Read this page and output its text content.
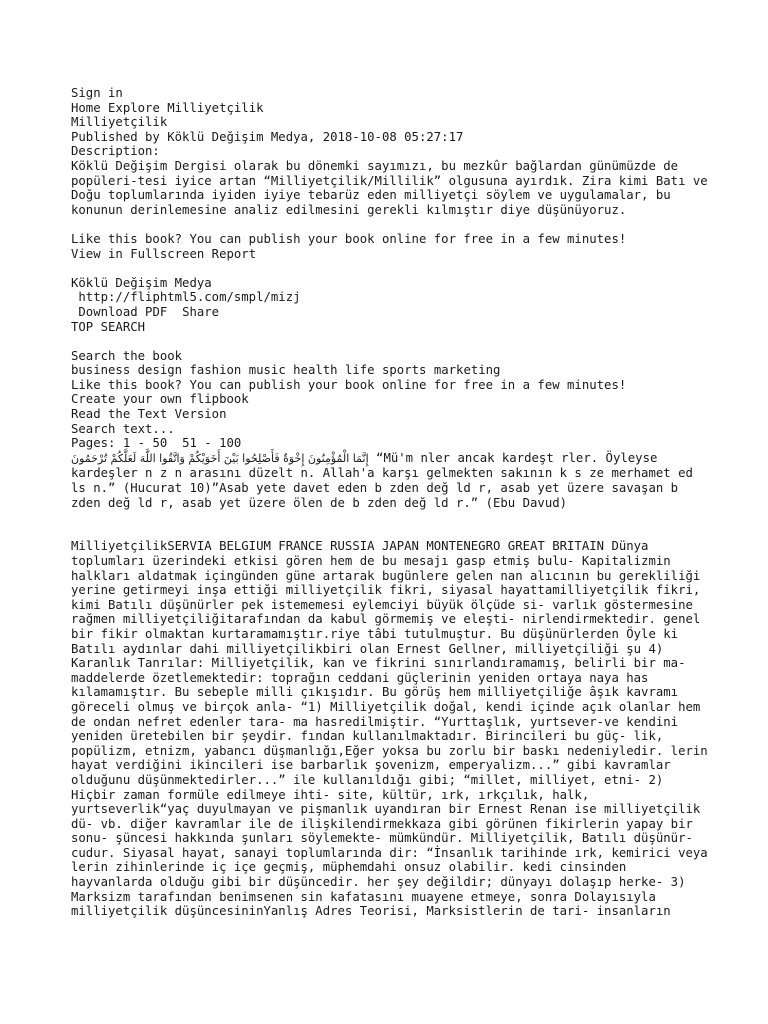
Sign in
Home Explore Milliyetçilik
Milliyetçilik
Published by Köklü Değişim Medya, 2018-10-08 05:27:17
Description:
Köklü Değişim Dergisi olarak bu dönemki sayımızı, bu mezkûr bağlardan günümüzde de popüleri-tesi iyice artan “Milliyetçilik/Millilik” olgusuna ayırdık. Zira kimi Batı ve Doğu toplumlarında iyiden iyiye tebarüz eden milliyetçi söylem ve uygulamalar, bu konunun derinlemesine analiz edilmesini gerekli kılmıştır diye düşünüyoruz.
Like this book? You can publish your book online for free in a few minutes!
View in Fullscreen Report
Köklü Değişim Medya
http://fliphtml5.com/smpl/mizj
Download PDF Share
TOP SEARCH
Search the book
business design fashion music health life sports marketing
Like this book? You can publish your book online for free in a few minutes!
Create your own flipbook
Read the Text Version
Search text...
Pages: 1 - 50 51 - 100
إِنَّمَا الْمُؤْمِنُونَ إِخْوَةٌ فَأَصْلِحُوا بَيْنَ أَخَوَيْكُمْ وَاتَّقُوا اللَّهَ لَعَلَّكُمْ تُرْحَمُونَ “Mü'm nler ancak kardeşt rler. Öyleyse kardeşler n z n arasını düzelt n. Allah'a karşı gelmekten sakının k s ze merhamet ed ls n.” (Hucurat 10)”Asab yete davet eden b zden değ ld r, asab yet üzere savaşan b zden değ ld r, asab yet üzere ölen de b zden değ ld r.” (Ebu Davud)
MilliyetçilikSERVIA BELGIUM FRANCE RUSSIA JAPAN MONTENEGRO GREAT BRITAIN Dünya toplumları üzerindeki etkisi gören hem de bu mesajı gasp etmiş bulu- Kapitalizmin halkları aldatmak içingünden güne artarak bugünlere gelen nan alıcının bu gerekliliği yerine getirmeyi inşa ettiği milliyetçilik fikri, siyasal hayattamilliyetçilik fikri, kimi Batılı düşünürler pek istememesi eylemciyi büyük ölçüde si- varlık göstermesine rağmen milliyetçiliğitarafından da kabul görmemiş ve eleşti- nirlendirmektedir. genel bir fikir olmaktan kurtaramamıştır.riye tâbi tutulmuştur. Bu düşünürlerden Öyle ki Batılı aydınlar dahi milliyetçilikbiri olan Ernest Gellner, milliyetçiliği şu 4) Karanlık Tanrılar: Milliyetçilik, kan ve fikrini sınırlandıramamış, belirli bir ma-maddelerde özetlemektedir: toprağın ceddani güçlerinin yeniden ortaya naya has kılamamıştır. Bu sebeple milli çıkışıdır. Bu görüş hem milliyetçiliğe âşık kavramı göreceli olmuş ve birçok anla- “1) Milliyetçilik doğal, kendi içinde açık olanlar hem de ondan nefret edenler tara- ma hasredilmiştir. “Yurttaşlık, yurtsever-ve kendini yeniden üretebilen bir şeydir. fından kullanılmaktadır. Birincileri bu güç- lik, popülizm, etnizm, yabancı düşmanlığı,Eğer yoksa bu zorlu bir baskı nedeniyledir. lerin hayat verdiğini ikincileri ise barbarlık şovenizm, emperyalizm...” gibi kavramlar olduğunu düşünmektedirler...” ile kullanıldığı gibi; “millet, milliyet, etni- 2) Hiçbir zaman formüle edilmeye ihti- site, kültür, ırk, ırkçılık, halk, yurtseverlik“yaç duyulmayan ve pişmanlık uyandıran bir Ernest Renan ise milliyetçilik dü- vb. diğer kavramlar ile de ilişkilendirmekkaza gibi görünen fikirlerin yapay bir sonu- şüncesi hakkında şunları söylemekte- mümkündür. Milliyetçilik, Batılı düşünür- cudur. Siyasal hayat, sanayi toplumlarında dir: “İnsanlık tarihinde ırk, kemirici veya lerin zihinlerinde iç içe geçmiş, müphemdahi onsuz olabilir. kedi cinsinden hayvanlarda olduğu gibi bir düşüncedir. her şey değildir; dünyayı dolaşıp herke- 3) Marksizm tarafından benimsenen sin kafatasını muayene etmeye, sonra Dolayısıyla milliyetçilik düşüncesininYanlış Adres Teorisi, Marksistlerin de tari- insanların
